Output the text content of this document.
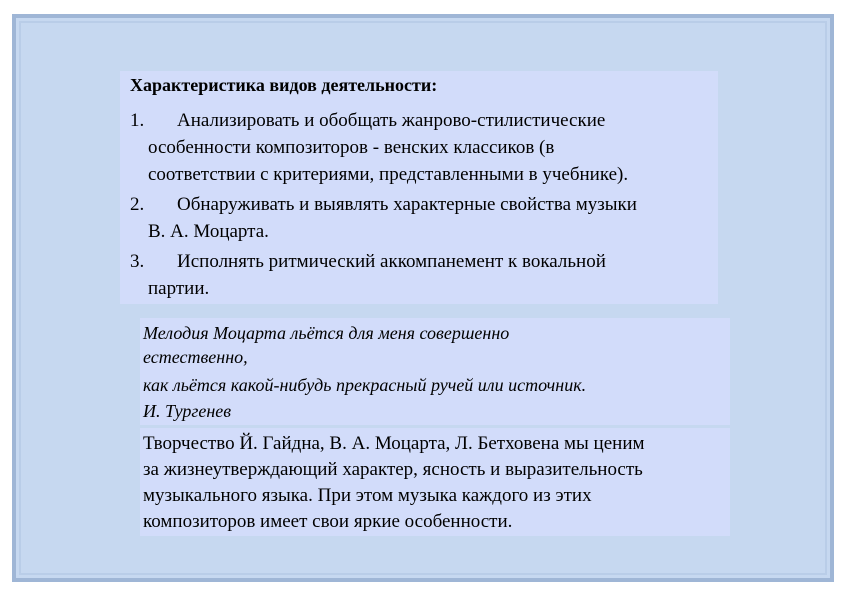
Характеристика видов деятельности:
1.	Анализировать и обобщать жанрово-стилистические
особенности композиторов - венских классиков (в
соответствии с критериями, представленными в учебнике).
2.	Обнаруживать и выявлять характерные свойства музыки
В. А. Моцарта.
3.	Исполнять ритмический аккомпанемент к вокальной
партии.
Мелодия Моцарта льётся для меня совершенно
естественно,
как льётся какой-нибудь прекрасный ручей или источник.
И. Тургенев
Творчество Й. Гайдна, В. А. Моцарта, Л. Бетховена мы ценим
за жизнеутверждающий характер, ясность и выразительность
музыкального языка. При этом музыка каждого из этих
композиторов имеет свои яркие особенности.
